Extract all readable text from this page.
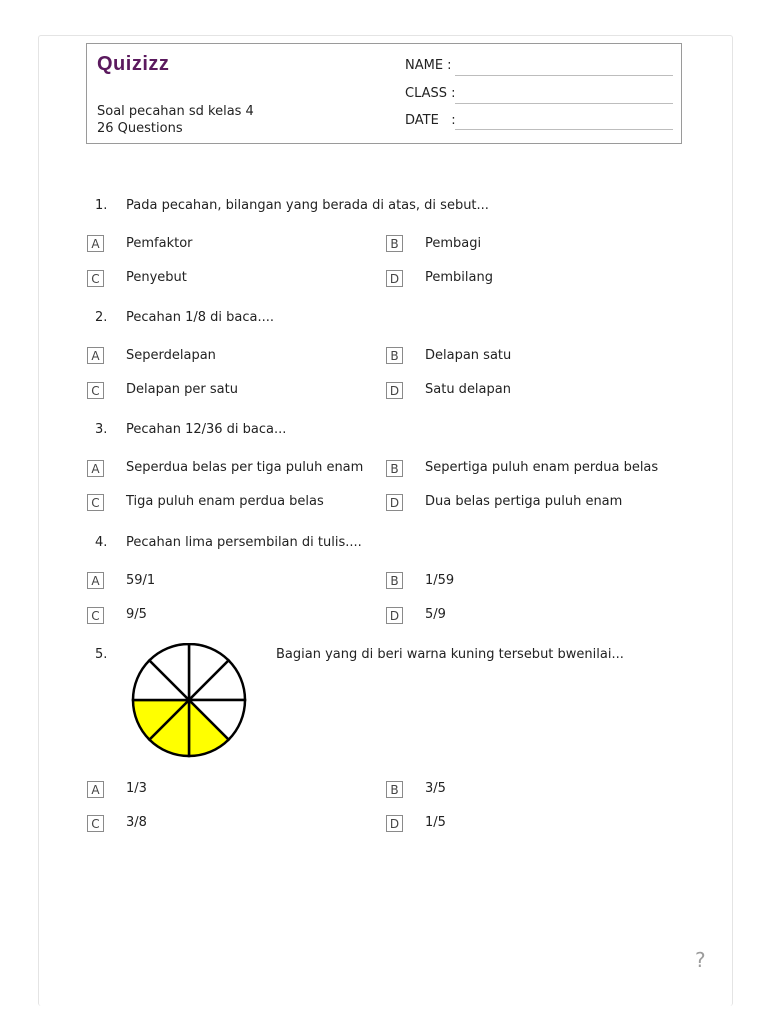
Quizizz
Soal pecahan sd kelas 4
26 Questions
NAME :
CLASS :
DATE   :
1. Pada pecahan, bilangan yang berada di atas, di sebut...
A	Pemfaktor	B	Pembagi
C	Penyebut	D Pembilang
2. Pecahan 1/8 di baca....
A	Seperdelapan	B	Delapan satu
C	Delapan per satu	D Satu delapan
3. Pecahan 12/36 di baca...
A	Seperdua belas per tiga puluh enam	B	Sepertiga puluh enam perdua belas
C	Tiga puluh enam perdua belas	D Dua belas pertiga puluh enam
4. Pecahan lima persembilan di tulis....
A	59/1	B	1/59
C	9/5	D 5/9
5.	Bagian yang di beri warna kuning tersebut bwenilai...
A	1/3	B	3/5
C	3/8	D 1/5
?
